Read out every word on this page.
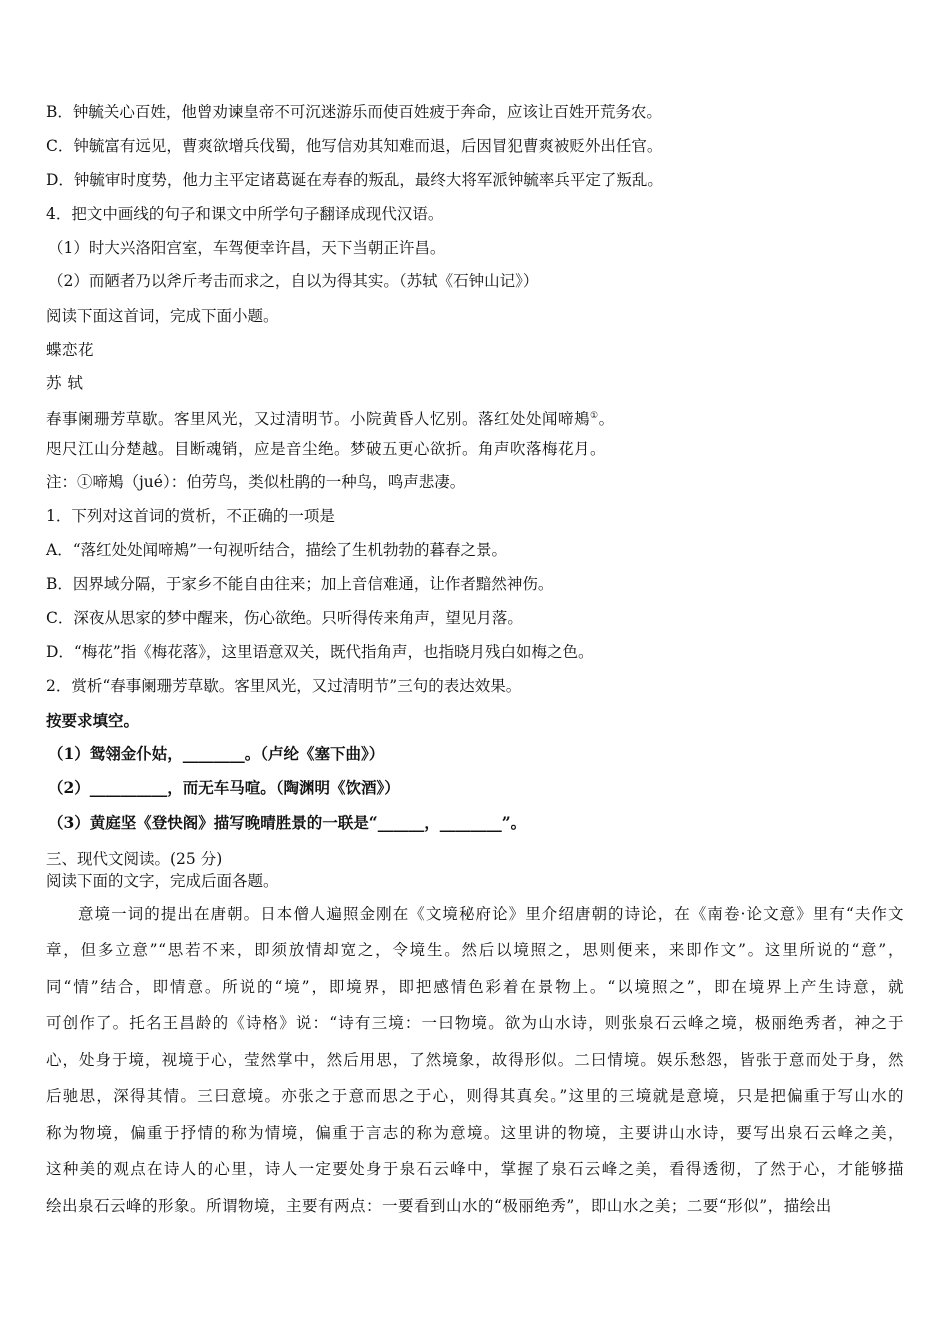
B．钟毓关心百姓，他曾劝谏皇帝不可沉迷游乐而使百姓疲于奔命，应该让百姓开荒务农。
C．钟毓富有远见，曹爽欲增兵伐蜀，他写信劝其知难而退，后因冒犯曹爽被贬外出任官。
D．钟毓审时度势，他力主平定诸葛诞在寿春的叛乱，最终大将军派钟毓率兵平定了叛乱。
4．把文中画线的句子和课文中所学句子翻译成现代汉语。
（1）时大兴洛阳宫室，车驾便幸许昌，天下当朝正许昌。
（2）而陋者乃以斧斤考击而求之，自以为得其实。（苏轼《石钟山记》）
阅读下面这首词，完成下面小题。
蝶恋花
苏 轼
春事阑珊芳草歇。客里风光，又过清明节。小院黄昏人忆别。落红处处闻啼鴂①。
咫尺江山分楚越。目断魂销，应是音尘绝。梦破五更心欲折。角声吹落梅花月。
注：①啼鴂（jué）：伯劳鸟，类似杜鹃的一种鸟，鸣声悲凄。
1．下列对这首词的赏析，不正确的一项是
A．“落红处处闻啼鴂”一句视听结合，描绘了生机勃勃的暮春之景。
B．因界域分隔，于家乡不能自由往来；加上音信难通，让作者黯然神伤。
C．深夜从思家的梦中醒来，伤心欲绝。只听得传来角声，望见月落。
D．“梅花”指《梅花落》，这里语意双关，既代指角声，也指晓月残白如梅之色。
2．赏析“春事阑珊芳草歇。客里风光，又过清明节”三句的表达效果。
按要求填空。
（1）鸳翎金仆姑，________。（卢纶《塞下曲》）
（2）__________，而无车马喧。（陶渊明《饮酒》）
（3）黄庭坚《登快阁》描写晚晴胜景的一联是“______，________”。
三、现代文阅读。(25 分)
阅读下面的文字，完成后面各题。
意境一词的提出在唐朝。日本僧人遍照金刚在《文境秘府论》里介绍唐朝的诗论，在《南卷·论文意》里有“夫作文
章，但多立意”“思若不来，即须放情却宽之，令境生。然后以境照之，思则便来，来即作文”。这里所说的“意”，
同“情”结合，即情意。所说的“境”，即境界，即把感情色彩着在景物上。“以境照之”，即在境界上产生诗意，就
可创作了。托名王昌龄的《诗格》说：“诗有三境：一曰物境。欲为山水诗，则张泉石云峰之境，极丽绝秀者，神之于
心，处身于境，视境于心，莹然掌中，然后用思，了然境象，故得形似。二曰情境。娱乐愁怨，皆张于意而处于身，然
后驰思，深得其情。三曰意境。亦张之于意而思之于心，则得其真矣。”这里的三境就是意境，只是把偏重于写山水的
称为物境，偏重于抒情的称为情境，偏重于言志的称为意境。这里讲的物境，主要讲山水诗，要写出泉石云峰之美，
这种美的观点在诗人的心里，诗人一定要处身于泉石云峰中，掌握了泉石云峰之美，看得透彻，了然于心，才能够描
绘出泉石云峰的形象。所谓物境，主要有两点：一要看到山水的“极丽绝秀”，即山水之美；二要“形似”，描绘出
